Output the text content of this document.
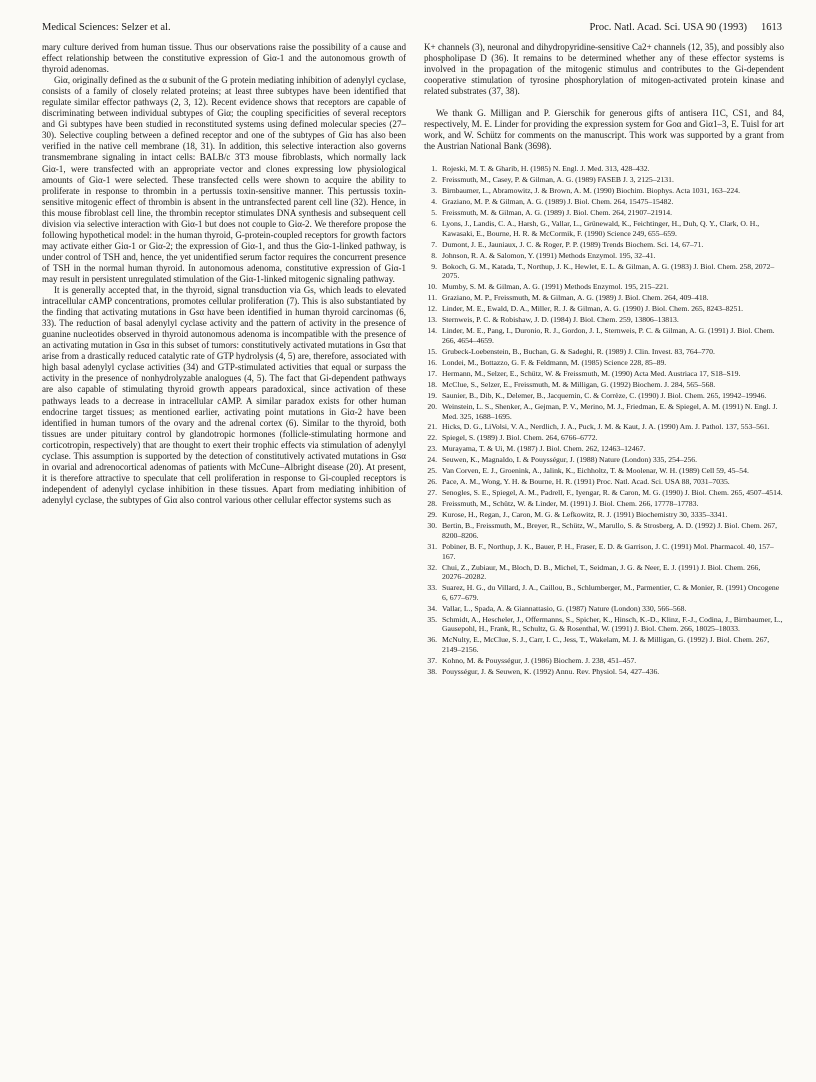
Medical Sciences: Selzer et al.	Proc. Natl. Acad. Sci. USA 90 (1993) 1613

mary culture derived from human tissue. Thus our observations raise the possibility of a cause and effect relationship between the constitutive expression of Giα-1 and the autonomous growth of thyroid adenomas.

Giα, originally defined as the α subunit of the G protein mediating inhibition of adenylyl cyclase, consists of a family of closely related proteins; at least three subtypes have been identified that regulate similar effector pathways (2, 3, 12). Recent evidence shows that receptors are capable of discriminating between individual subtypes of Giα; the coupling specificities of several receptors and Gi subtypes have been studied in reconstituted systems using defined molecular species (27–30). Selective coupling between a defined receptor and one of the subtypes of Giα has also been verified in the native cell membrane (18, 31). In addition, this selective interaction also governs transmembrane signaling in intact cells: BALB/c 3T3 mouse fibroblasts, which normally lack Giα-1, were transfected with an appropriate vector and clones expressing low physiological amounts of Giα-1 were selected. These transfected cells were shown to acquire the ability to proliferate in response to thrombin in a pertussis toxin-sensitive manner. This pertussis toxin-sensitive mitogenic effect of thrombin is absent in the untransfected parent cell line (32). Hence, in this mouse fibroblast cell line, the thrombin receptor stimulates DNA synthesis and subsequent cell division via selective interaction with Giα-1 but does not couple to Giα-2. We therefore propose the following hypothetical model: in the human thyroid, G-protein-coupled receptors for growth factors may activate either Giα-1 or Giα-2; the expression of Giα-1, and thus the Giα-1-linked pathway, is under control of TSH and, hence, the yet unidentified serum factor requires the concurrent presence of TSH in the normal human thyroid. In autonomous adenoma, constitutive expression of Giα-1 may result in persistent unregulated stimulation of the Giα-1-linked mitogenic signaling pathway.

It is generally accepted that, in the thyroid, signal transduction via Gs, which leads to elevated intracellular cAMP concentrations, promotes cellular proliferation (7). This is also substantiated by the finding that activating mutations in Gsα have been identified in human thyroid carcinomas (6, 33). The reduction of basal adenylyl cyclase activity and the pattern of activity in the presence of guanine nucleotides observed in thyroid autonomous adenoma is incompatible with the presence of an activating mutation in Gsα in this subset of tumors: constitutively activated mutations in Gsα that arise from a drastically reduced catalytic rate of GTP hydrolysis (4, 5) are, therefore, associated with high basal adenylyl cyclase activities (34) and GTP-stimulated activities that equal or surpass the activity in the presence of nonhydrolyzable analogues (4, 5). The fact that Gi-dependent pathways are also capable of stimulating thyroid growth appears paradoxical, since activation of these pathways leads to a decrease in intracellular cAMP. A similar paradox exists for other human endocrine target tissues; as mentioned earlier, activating point mutations in Giα-2 have been identified in human tumors of the ovary and the adrenal cortex (6). Similar to the thyroid, both tissues are under pituitary control by glandotropic hormones (follicle-stimulating hormone and corticotropin, respectively) that are thought to exert their trophic effects via stimulation of adenylyl cyclase. This assumption is supported by the detection of constitutively activated mutations in Gsα in ovarial and adrenocortical adenomas of patients with McCune–Albright disease (20). At present, it is therefore attractive to speculate that cell proliferation in response to Gi-coupled receptors is independent of adenylyl cyclase inhibition in these tissues. Apart from mediating inhibition of adenylyl cyclase, the subtypes of Giα also control various other cellular effector systems such as

K+ channels (3), neuronal and dihydropyridine-sensitive Ca2+ channels (12, 35), and possibly also phospholipase D (36). It remains to be determined whether any of these effector systems is involved in the propagation of the mitogenic stimulus and contributes to the Gi-dependent cooperative stimulation of tyrosine phosphorylation of mitogen-activated protein kinase and related substrates (37, 38).

We thank G. Milligan and P. Gierschik for generous gifts of antisera I1C, CS1, and 84, respectively, M. E. Linder for providing the expression system for Goα and Giα1–3, E. Tuisl for art work, and W. Schütz for comments on the manuscript. This work was supported by a grant from the Austrian National Bank (3698).

1. Rojeski, M. T. & Gharib, H. (1985) N. Engl. J. Med. 313, 428–432.
2. Freissmuth, M., Casey, P. & Gilman, A. G. (1989) FASEB J. 3, 2125–2131.
3. Birnbaumer, L., Abramowitz, J. & Brown, A. M. (1990) Biochim. Biophys. Acta 1031, 163–224.
4. Graziano, M. P. & Gilman, A. G. (1989) J. Biol. Chem. 264, 15475–15482.
5. Freissmuth, M. & Gilman, A. G. (1989) J. Biol. Chem. 264, 21907–21914.
6. Lyons, J., Landis, C. A., Harsh, G., Vallar, L., Grünewald, K., Feichtinger, H., Duh, Q. Y., Clark, O. H., Kawasaki, E., Bourne, H. R. & McCormik, F. (1990) Science 249, 655–659.
7. Dumont, J. E., Jauniaux, J. C. & Roger, P. P. (1989) Trends Biochem. Sci. 14, 67–71.
8. Johnson, R. A. & Salomon, Y. (1991) Methods Enzymol. 195, 32–41.
9. Bokoch, G. M., Katada, T., Northup, J. K., Hewlet, E. L. & Gilman, A. G. (1983) J. Biol. Chem. 258, 2072–2075.
10. Mumby, S. M. & Gilman, A. G. (1991) Methods Enzymol. 195, 215–221.
11. Graziano, M. P., Freissmuth, M. & Gilman, A. G. (1989) J. Biol. Chem. 264, 409–418.
12. Linder, M. E., Ewald, D. A., Miller, R. J. & Gilman, A. G. (1990) J. Biol. Chem. 265, 8243–8251.
13. Sternweis, P. C. & Robishaw, J. D. (1984) J. Biol. Chem. 259, 13806–13813.
14. Linder, M. E., Pang, I., Duronio, R. J., Gordon, J. I., Sternweis, P. C. & Gilman, A. G. (1991) J. Biol. Chem. 266, 4654–4659.
15. Grubeck-Loebenstein, B., Buchan, G. & Sadeghi, R. (1989) J. Clin. Invest. 83, 764–770.
16. Londei, M., Bottazzo, G. F. & Feldmann, M. (1985) Science 228, 85–89.
17. Hermann, M., Selzer, E., Schütz, W. & Freissmuth, M. (1990) Acta Med. Austriaca 17, S18–S19.
18. McClue, S., Selzer, E., Freissmuth, M. & Milligan, G. (1992) Biochem. J. 284, 565–568.
19. Saunier, B., Dib, K., Delemer, B., Jacquemin, C. & Corrèze, C. (1990) J. Biol. Chem. 265, 19942–19946.
20. Weinstein, L. S., Shenker, A., Gejman, P. V., Merino, M. J., Friedman, E. & Spiegel, A. M. (1991) N. Engl. J. Med. 325, 1688–1695.
21. Hicks, D. G., LiVolsi, V. A., Nerdlich, J. A., Puck, J. M. & Kaut, J. A. (1990) Am. J. Pathol. 137, 553–561.
22. Spiegel, S. (1989) J. Biol. Chem. 264, 6766–6772.
23. Murayama, T. & Ui, M. (1987) J. Biol. Chem. 262, 12463–12467.
24. Seuwen, K., Magnaldo, I. & Pouysségur, J. (1988) Nature (London) 335, 254–256.
25. Van Corven, E. J., Groenink, A., Jalink, K., Eichholtz, T. & Moolenar, W. H. (1989) Cell 59, 45–54.
26. Pace, A. M., Wong, Y. H. & Bourne, H. R. (1991) Proc. Natl. Acad. Sci. USA 88, 7031–7035.
27. Senogles, S. E., Spiegel, A. M., Padrell, F., Iyengar, R. & Caron, M. G. (1990) J. Biol. Chem. 265, 4507–4514.
28. Freissmuth, M., Schütz, W. & Linder, M. (1991) J. Biol. Chem. 266, 17778–17783.
29. Kurose, H., Regan, J., Caron, M. G. & Lefkowitz, R. J. (1991) Biochemistry 30, 3335–3341.
30. Bertin, B., Freissmuth, M., Breyer, R., Schütz, W., Marullo, S. & Strosberg, A. D. (1992) J. Biol. Chem. 267, 8200–8206.
31. Pobiner, B. F., Northup, J. K., Bauer, P. H., Fraser, E. D. & Garrison, J. C. (1991) Mol. Pharmacol. 40, 157–167.
32. Chui, Z., Zubiaur, M., Bloch, D. B., Michel, T., Seidman, J. G. & Neer, E. J. (1991) J. Biol. Chem. 266, 20276–20282.
33. Suarez, H. G., du Villard, J. A., Caillou, B., Schlumberger, M., Parmentier, C. & Monier, R. (1991) Oncogene 6, 677–679.
34. Vallar, L., Spada, A. & Giannattasio, G. (1987) Nature (London) 330, 566–568.
35. Schmidt, A., Hescheler, J., Offermanns, S., Spicher, K., Hinsch, K.-D., Klinz, F.-J., Codina, J., Birnbaumer, L., Gausepohl, H., Frank, R., Schultz, G. & Rosenthal, W. (1991) J. Biol. Chem. 266, 18025–18033.
36. McNulty, E., McClue, S. J., Carr, I. C., Jess, T., Wakelam, M. J. & Milligan, G. (1992) J. Biol. Chem. 267, 2149–2156.
37. Kohno, M. & Pouysségur, J. (1986) Biochem. J. 238, 451–457.
38. Pouysségur, J. & Seuwen, K. (1992) Annu. Rev. Physiol. 54, 427–436.
